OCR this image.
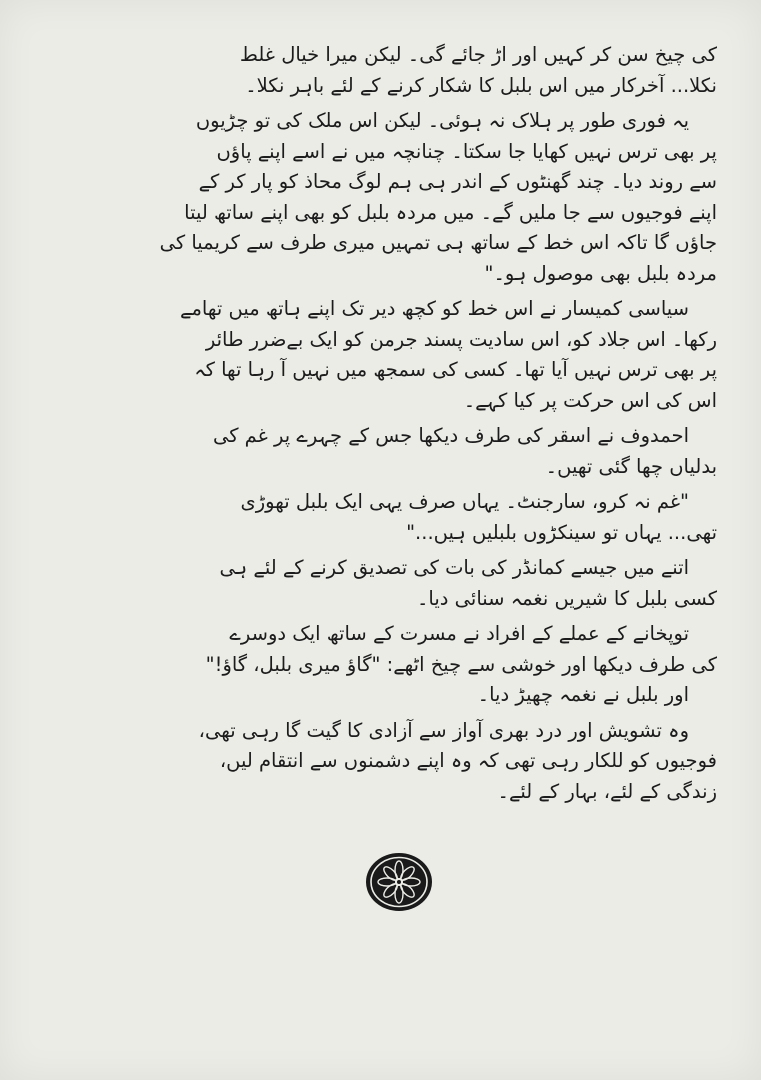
کی چیخ سن کر کہیں اور اڑ جائے گی۔ لیکن میرا خیال غلط
نکلا... آخرکار میں اس بلبل کا شکار کرنے کے لئے باہر نکلا۔

یہ فوری طور پر ہلاک نہ ہوئی۔ لیکن اس ملک کی تو چڑیوں
پر بھی ترس نہیں کھایا جا سکتا۔ چنانچہ میں نے اسے اپنے پاؤں
سے روند دیا۔ چند گھنٹوں کے اندر ہی ہم لوگ محاذ کو پار کر کے
اپنے فوجیوں سے جا ملیں گے۔ میں مردہ بلبل کو بھی اپنے ساتھ لیتا
جاؤں گا تاکہ اس خط کے ساتھ ہی تمہیں میری طرف سے کریمیا کی
مردہ بلبل بھی موصول ہو۔"

سیاسی کمیسار نے اس خط کو کچھ دیر تک اپنے ہاتھ میں تھامے
رکھا۔ اس جلاد کو، اس سادیت پسند جرمن کو ایک بےضرر طائر
پر بھی ترس نہیں آیا تھا۔ کسی کی سمجھ میں نہیں آ رہا تھا کہ
اس کی اس حرکت پر کیا کہے۔

احمدوف نے اسقر کی طرف دیکھا جس کے چہرے پر غم کی
بدلیاں چھا گئی تھیں۔

"غم نہ کرو، سارجنٹ۔ یہاں صرف یہی ایک بلبل تھوڑی
تھی... یہاں تو سینکڑوں بلبلیں ہیں..."

اتنے میں جیسے کمانڈر کی بات کی تصدیق کرنے کے لئے ہی
کسی بلبل کا شیریں نغمہ سنائی دیا۔

توپخانے کے عملے کے افراد نے مسرت کے ساتھ ایک دوسرے
کی طرف دیکھا اور خوشی سے چیخ اٹھے: "گاؤ میری بلبل، گاؤ!"
اور بلبل نے نغمہ چھیڑ دیا۔

وہ تشویش اور درد بھری آواز سے آزادی کا گیت گا رہی تھی،
فوجیوں کو للکار رہی تھی کہ وہ اپنے دشمنوں سے انتقام لیں،
زندگی کے لئے، بہار کے لئے۔
